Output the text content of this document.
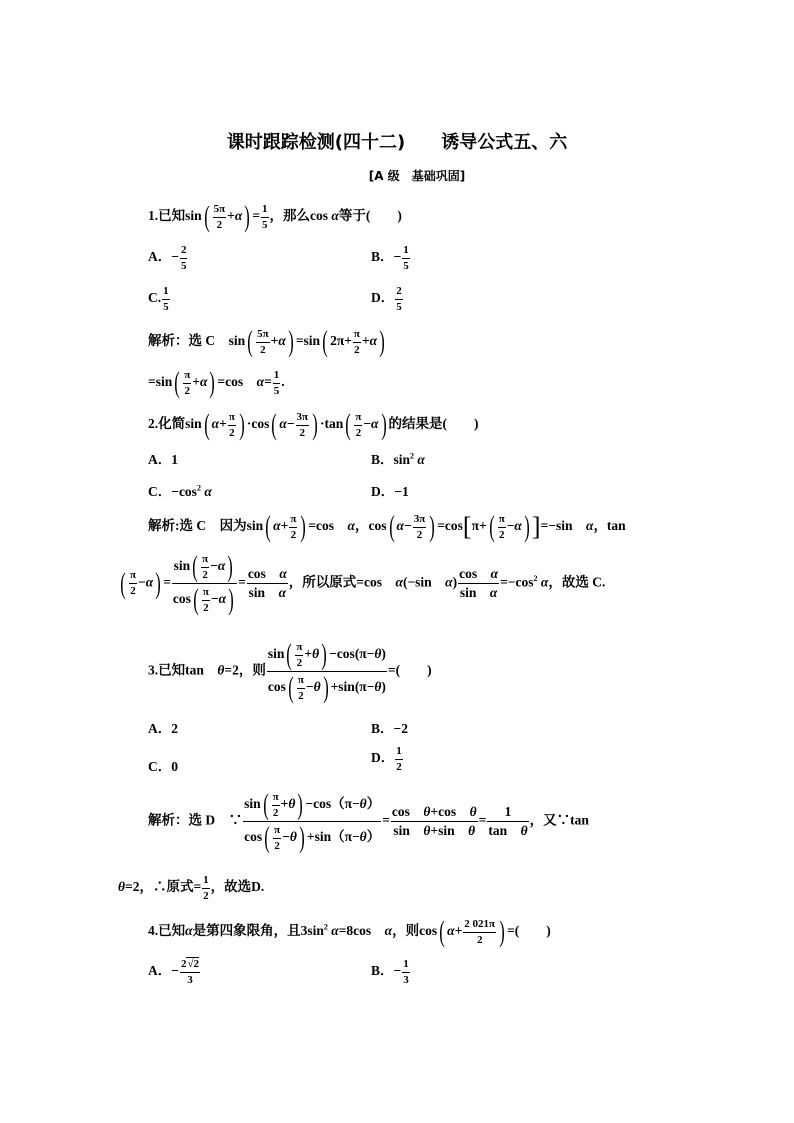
课时跟踪检测(四十二) 诱导公式五、六
[A 级　基础巩固]
1.已知$\sin( \frac{5\pi}{2} +\alpha) = \frac{1}{5}$ ，那么cos α等于(　　)
A．− $\frac{2}{5}$	B．− $\frac{1}{5}$
C. $\frac{1}{5}$	D． $\frac{2}{5}$
解析：选 C　$\sin( \frac{5\pi}{2} +\alpha) =\sin$( $2\pi+ \frac{\pi}{2} +\alpha$)
$=\sin( \frac{\pi}{2} +\alpha) =\cos$　$\alpha= \frac{1}{5}$ .
2.化简sin( $\alpha+ \frac{\pi}{2}$ ) ·cos( $\alpha- \frac{3\pi}{2}$ ) $\cdot\tan( \frac{\pi}{2} -\alpha)$ 的结果是(　　)
A．1	B．$\sin^2 \alpha$
C．$-\cos^2$ α	D．−1
解析:选 C　因为sin( $\alpha+ \frac{\pi}{2}$ ) =cos　α，cos( $\alpha- \frac{3\pi}{2}$ ) $=\cos[\pi+( \frac{\pi}{2} -\alpha)]=-\sin$　α，tan
( $\frac{\pi}{2} -\alpha) = \frac{\sin( \frac{\pi}{2} -\alpha)}{\cos( \frac{\pi}{2} -\alpha)} = \frac{\text{cos　α}}{\text{sin　α}}$ ，所以原式=cos　α(−sin　$\alpha) \frac{\text{cos　α}}{\text{sin　α}} =-\cos^2$ α，故选 C.
3.已知tan　θ=2，则 $\frac{\sin( \frac{\pi}{2} +\theta) -\cos(\pi-\theta)}{\cos( \frac{\pi}{2} -\theta) +\sin(\pi-\theta)}$ =(　　)
A．2	B．−2
C．0
D． $\frac{1}{2}$
解析：选 D　∵ $\frac{\sin( \frac{\pi}{2} +\theta) -\cos(\pi-\theta)}{\cos( \frac{\pi}{2} -\theta) +\sin(\pi-\theta)} = \frac{\text{cos　θ+cos　θ}}{\text{sin　θ+sin　θ}} = \frac{1}{\text{tan　θ}}$ ，又∵tan
θ=2，∴原式= $\frac{1}{2}$ ，故选D.
4.已知α是第四象限角，且$3\sin^2$ α=8cos　α，则cos( $\alpha+ \frac{2 021\pi}{2}$ ) =(　　)
A．− $\frac{2√2}{3}$	B．− $\frac{1}{3}$
